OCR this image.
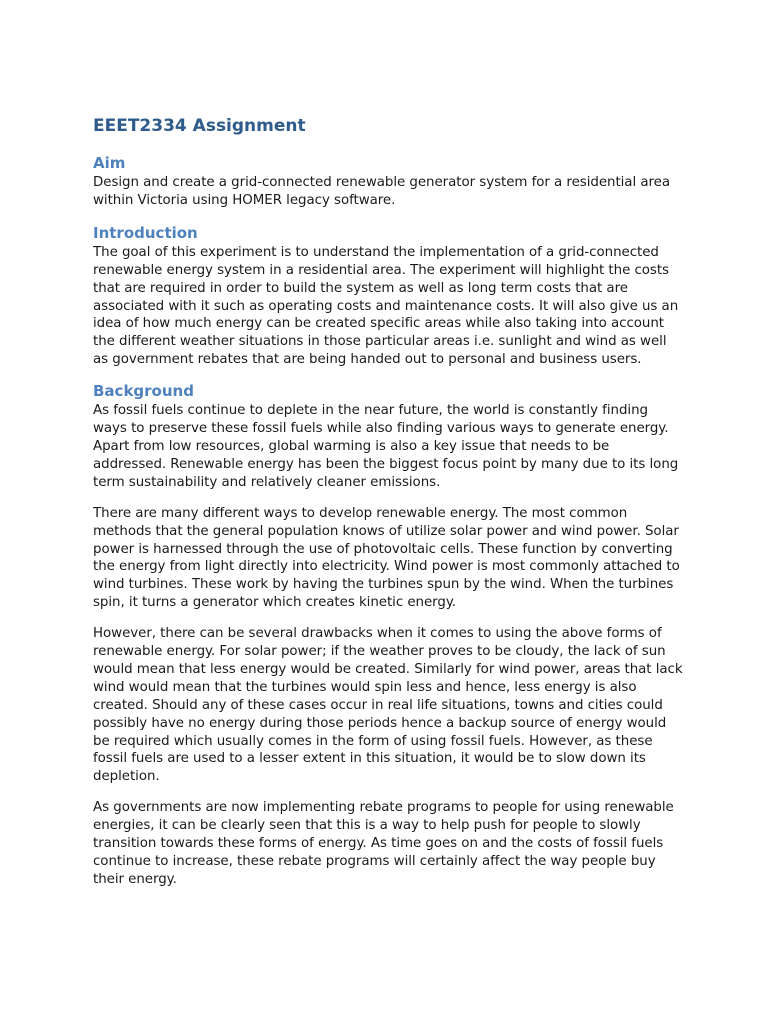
EEET2334 Assignment
Aim

Design and create a grid-connected renewable generator system for a residential area within Victoria using HOMER legacy software.

Introduction

The goal of this experiment is to understand the implementation of a grid-connected renewable energy system in a residential area. The experiment will highlight the costs that are required in order to build the system as well as long term costs that are associated with it such as operating costs and maintenance costs. It will also give us an idea of how much energy can be created specific areas while also taking into account the different weather situations in those particular areas i.e. sunlight and wind as well as government rebates that are being handed out to personal and business users.

Background

As fossil fuels continue to deplete in the near future, the world is constantly finding ways to preserve these fossil fuels while also finding various ways to generate energy. Apart from low resources, global warming is also a key issue that needs to be addressed. Renewable energy has been the biggest focus point by many due to its long term sustainability and relatively cleaner emissions.

There are many different ways to develop renewable energy. The most common methods that the general population knows of utilize solar power and wind power. Solar power is harnessed through the use of photovoltaic cells. These function by converting the energy from light directly into electricity. Wind power is most commonly attached to wind turbines. These work by having the turbines spun by the wind. When the turbines spin, it turns a generator which creates kinetic energy.

However, there can be several drawbacks when it comes to using the above forms of renewable energy. For solar power; if the weather proves to be cloudy, the lack of sun would mean that less energy would be created. Similarly for wind power, areas that lack wind would mean that the turbines would spin less and hence, less energy is also created. Should any of these cases occur in real life situations, towns and cities could possibly have no energy during those periods hence a backup source of energy would be required which usually comes in the form of using fossil fuels. However, as these fossil fuels are used to a lesser extent in this situation, it would be to slow down its depletion.

As governments are now implementing rebate programs to people for using renewable energies, it can be clearly seen that this is a way to help push for people to slowly transition towards these forms of energy. As time goes on and the costs of fossil fuels continue to increase, these rebate programs will certainly affect the way people buy their energy.
